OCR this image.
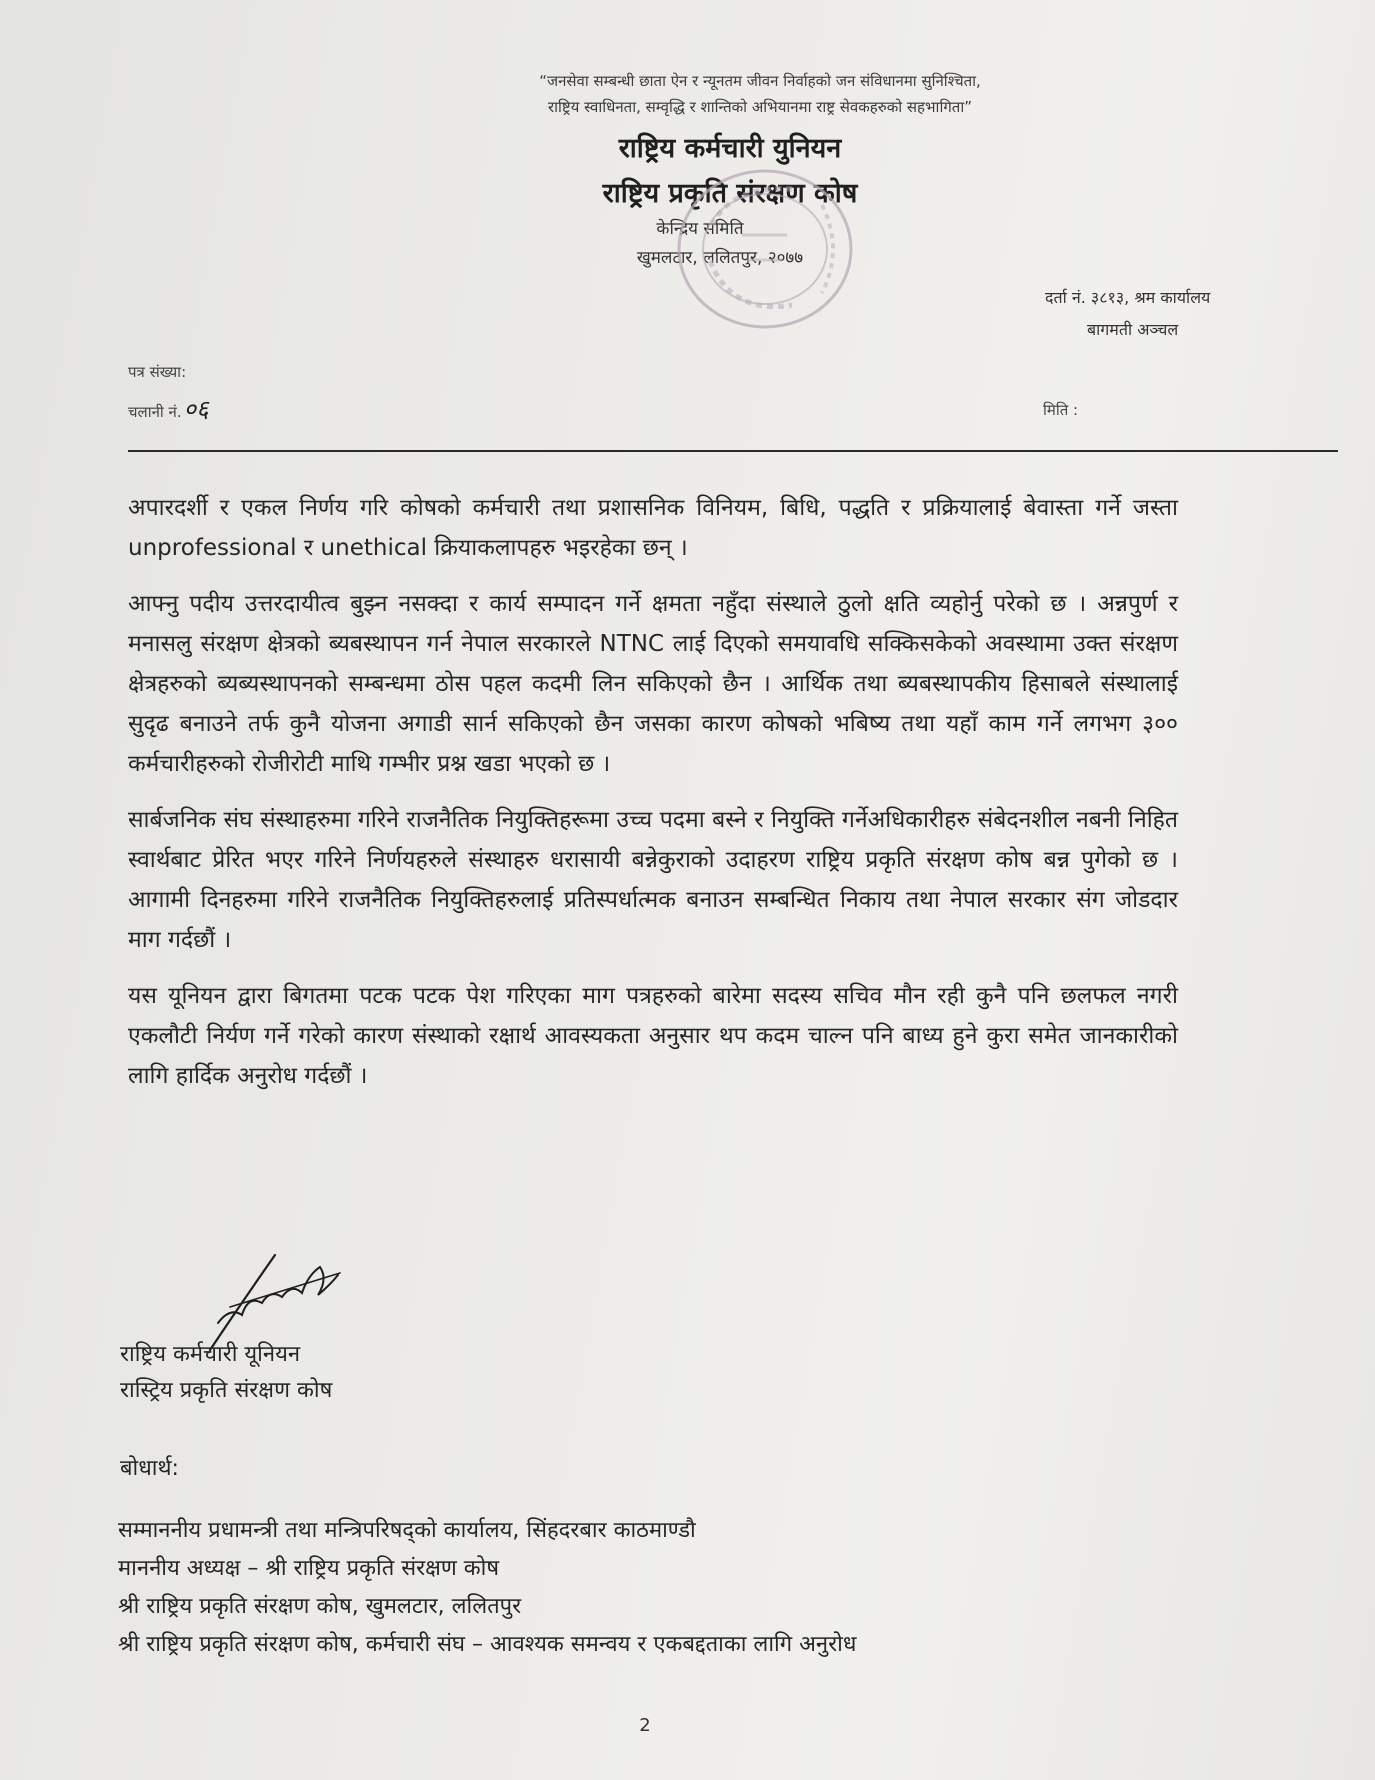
“जनसेवा सम्बन्धी छाता ऐन र न्यूनतम जीवन निर्वाहको जन संविधानमा सुनिश्चिता,
राष्ट्रिय स्वाधिनता, सम्वृद्धि र शान्तिको अभियानमा राष्ट्र सेवकहरुको सहभागिता”
राष्ट्रिय कर्मचारी युनियन
राष्ट्रिय प्रकृति संरक्षण कोष
केन्द्रिय समिति
खुमलटार, ललितपुर, २०७७
दर्ता नं. ३८१३, श्रम कार्यालय
बागमती अञ्चल
पत्र संख्या:
चलानी नं.०६	मिति :

अपारदर्शी र एकल निर्णय गरि कोषको कर्मचारी तथा प्रशासनिक विनियम, बिधि, पद्धति र प्रक्रियालाई बेवास्ता गर्ने जस्ता unprofessional र unethical क्रियाकलापहरु भइरहेका छन् ।

आफ्नु पदीय उत्तरदायीत्व बुझ्न नसक्दा र कार्य सम्पादन गर्ने क्षमता नहुँदा संस्थाले ठुलो क्षति व्यहोर्नु परेको छ । अन्नपुर्ण र मनासलु संरक्षण क्षेत्रको ब्यबस्थापन गर्न नेपाल सरकारले NTNC लाई दिएको समयावधि सक्किसकेको अवस्थामा उक्त संरक्षण क्षेत्रहरुको ब्यब्यस्थापनको सम्बन्धमा ठोस पहल कदमी लिन सकिएको छैन । आर्थिक तथा ब्यबस्थापकीय हिसाबले संस्थालाई सुदृढ बनाउने तर्फ कुनै योजना अगाडी सार्न सकिएको छैन जसका कारण कोषको भबिष्य तथा यहाँ काम गर्ने लगभग ३०० कर्मचारीहरुको रोजीरोटी माथि गम्भीर प्रश्न खडा भएको छ ।

सार्बजनिक संघ संस्थाहरुमा गरिने राजनैतिक नियुक्तिहरूमा उच्च पदमा बस्ने र नियुक्ति गर्नेअधिकारीहरु संबेदनशील नबनी निहित स्वार्थबाट प्रेरित भएर गरिने निर्णयहरुले संस्थाहरु धरासायी बन्नेकुराको उदाहरण राष्ट्रिय प्रकृति संरक्षण कोष बन्न पुगेको छ । आगामी दिनहरुमा गरिने राजनैतिक नियुक्तिहरुलाई प्रतिस्पर्धात्मक बनाउन सम्बन्धित निकाय तथा नेपाल सरकार संग जोडदार माग गर्दछौं ।

यस यूनियन द्वारा बिगतमा पटक पटक पेश गरिएका माग पत्रहरुको बारेमा सदस्य सचिव मौन रही कुनै पनि छलफल नगरी एकलौटी निर्यण गर्ने गरेको कारण संस्थाको रक्षार्थ आवस्यकता अनुसार थप कदम चाल्न पनि बाध्य हुने कुरा समेत जानकारीको लागि हार्दिक अनुरोध गर्दछौं ।

राष्ट्रिय कर्मचारी यूनियन
रास्ट्रिय प्रकृति संरक्षण कोष
बोधार्थ:
सम्माननीय प्रधामन्त्री तथा मन्त्रिपरिषद्को कार्यालय, सिंहदरबार काठमाण्डौ
माननीय अध्यक्ष – श्री राष्ट्रिय प्रकृति संरक्षण कोष
श्री राष्ट्रिय प्रकृति संरक्षण कोष, खुमलटार, ललितपुर
श्री राष्ट्रिय प्रकृति संरक्षण कोष, कर्मचारी संघ – आवश्यक समन्वय र एकबद्दताका लागि अनुरोध
2
